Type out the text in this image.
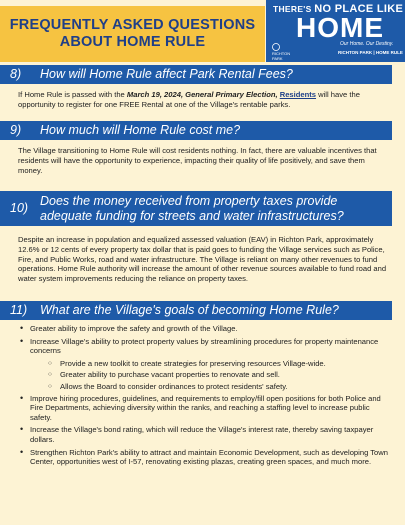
FREQUENTLY ASKED QUESTIONS
ABOUT HOME RULE
THERE'S NO PLACE LIKE
HOME
RICHTON PARK
Our Home. Our Destiny.
RICHTON PARK | HOME RULE
8)	How will Home Rule affect Park Rental Fees?
If Home Rule is passed with the March 19, 2024, General Primary Election, Residents will have the opportunity to register for one FREE Rental at one of the Village's rentable parks.
9)	How much will Home Rule cost me?
The Village transitioning to Home Rule will cost residents nothing. In fact, there are valuable incentives that residents will have the opportunity to experience, impacting their quality of life positively, and save them money.
10)
Does the money received from property taxes provide adequate funding for streets and water infrastructures?
Despite an increase in population and equalized assessed valuation (EAV) in Richton Park, approximately 12.6% or 12 cents of every property tax dollar that is paid goes to funding the Village services such as Police, Fire, and Public Works, road and water infrastructure. The Village is reliant on many other revenues to fund operations. Home Rule authority will increase the amount of other revenue sources available to fund road and water system improvements reducing the reliance on property taxes.
11)	What are the Village's goals of becoming Home Rule?
• Greater ability to improve the safety and growth of the Village.
• Increase Village's ability to protect property values by streamlining procedures for property maintenance concerns
○ Provide a new toolkit to create strategies for preserving resources Village-wide.
○ Greater ability to purchase vacant properties to renovate and sell.
○ Allows the Board to consider ordinances to protect residents' safety.
• Improve hiring procedures, guidelines, and requirements to employ/fill open positions for both Police and Fire Departments, achieving diversity within the ranks, and reaching a staffing level to increase public safety.
• Increase the Village's bond rating, which will reduce the Village's interest rate, thereby saving taxpayer dollars.
• Strengthen Richton Park's ability to attract and maintain Economic Development, such as developing Town Center, opportunities west of I-57, renovating existing plazas, creating green spaces, and much more.
